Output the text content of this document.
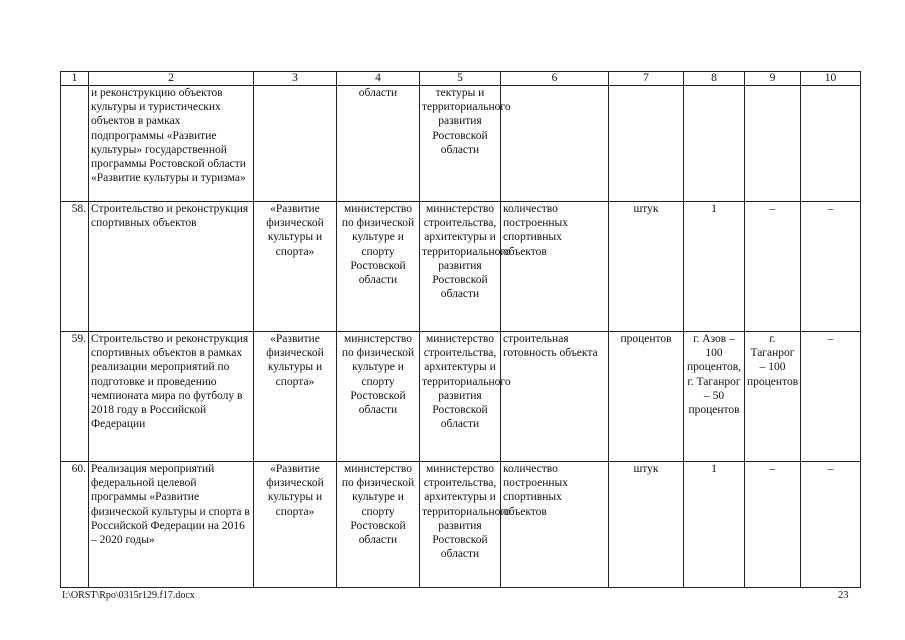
1	2	3	4	5	6	7	8	9	10
	и реконструкцию объектов культуры и туристических объектов в рамках подпрограммы «Развитие культуры» государственной программы Ростовской области «Развитие культуры и туризма»		области	тектуры и территориального развития Ростовской области					
58.	Строительство и реконструкция спортивных объектов	«Развитие физической культуры и спорта»	министерство по физической культуре и спорту Ростовской области	министерство строительства, архитектуры и территориального развития Ростовской области	количество построенных спортивных объектов	штук	1	–	–
59.	Строительство и реконструкция спортивных объектов в рамках реализации мероприятий по подготовке и проведению чемпионата мира по футболу в 2018 году в Российской Федерации	«Развитие физической культуры и спорта»	министерство по физической культуре и спорту Ростовской области	министерство строительства, архитектуры и территориального развития Ростовской области	строительная готовность объекта	процентов	г. Азов – 100 процентов, г. Таганрог – 50 процентов	г. Таганрог – 100 процентов	–
60.	Реализация мероприятий федеральной целевой программы «Развитие физической культуры и спорта в Российской Федерации на 2016 – 2020 годы»	«Развитие физической культуры и спорта»	министерство по физической культуре и спорту Ростовской области	министерство строительства, архитектуры и территориального развития Ростовской области	количество построенных спортивных объектов	штук	1	–	–
I:\ORST\Rpo\0315r129.f17.docx	23
